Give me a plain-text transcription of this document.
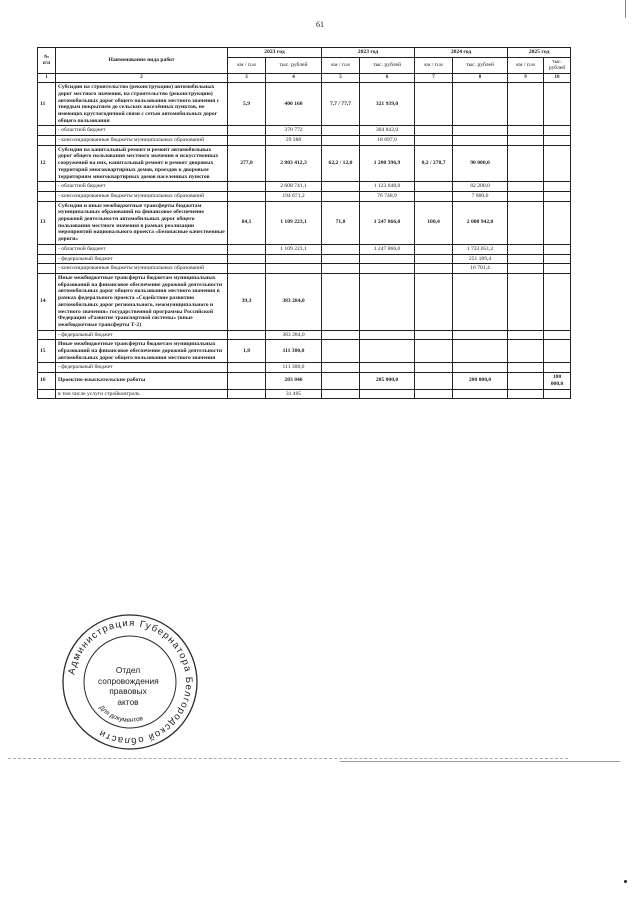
61
№
п/п	Наименование вида работ	2023 год		2023 год		2024 год		2025 год	
		км / п.м	тыс. рублей	км / п.м	тыс. рублей	км / п.м	тыс. рублей	км / п.м	тыс. рублей
1	2	3	4	5	6	7	8	9	10
11	Субсидии на строительство (реконструкцию) автомобильных дорог местного значения, на строительство (реконструкцию) автомобильных дорог общего пользования местного значения с твердым покрытием до сельских населённых пунктов, не имеющих круглогодичной связи с сетью автомобильных дорог общего пользования	5,9	400 160	7,7 / 77,7	321 939,0				
	- областной бюджет		370 772		304 842,0				
	- консолидированные бюджеты муниципальных образований		29 388		18 097,0				
12	Субсидии на капитальный ремонт и ремонт автомобильных дорог общего пользования местного значения и искусственных сооружений на них, капитальный ремонт и ремонт дворовых территорий многоквартирных домов, проездов к дворовым территориям многоквартирных домов населенных пунктов	277,8	2 803 412,3	62,2 / 12,0	1 200 396,9	0,2 / 278,7	90 000,0		
	- областной бюджет		2 608 741,1		1 123 648,0		82 200,0		
	- консолидированные бюджеты муниципальных образований		194 671,2		76 748,9		7 800,0		
13	Субсидии и иные межбюджетные трансферты бюджетам муниципальных образований на финансовое обеспечение дорожной деятельности автомобильных дорог общего пользования местного значения в рамках реализации мероприятий национального проекта «Безопасные качественные дороги»	84,1	1 109 223,1	71,8	1 247 866,0	100,4	2 000 942,0		
	- областной бюджет		1 109 223,1		1 247 866,0		1 733 051,2		
	- федеральный бюджет						251 189,4		
	- консолидированные бюджеты муниципальных образований						16 701,4		
14	Иные межбюджетные трансферты бюджетам муниципальных образований на финансовое обеспечение дорожной деятельности автомобильных дорог общего пользования местного значения в рамках федерального проекта «Содействие развитию автомобильных дорог регионального, межмуниципального и местного значения» государственной программы Российской Федерации «Развитие транспортной системы» (иные межбюджетные трансферты Т-2)	39,3	383 284,0						
	- федеральный бюджет		383 284,0						
15	Иные межбюджетные трансферты бюджетам муниципальных образований на финансовое обеспечение дорожной деятельности автомобильных дорог общего пользования местного значения	1,8	111 300,0						
	- федеральный бюджет		111 300,0						
16	Проектно-изыскательские работы		203 846		205 000,0		200 000,0		180 000,0
	в том числе услуги стройконтроль		31 405						
Администрация Губернатора Белгородской области
Для документов
Отдел
сопровождения
правовых
актов
